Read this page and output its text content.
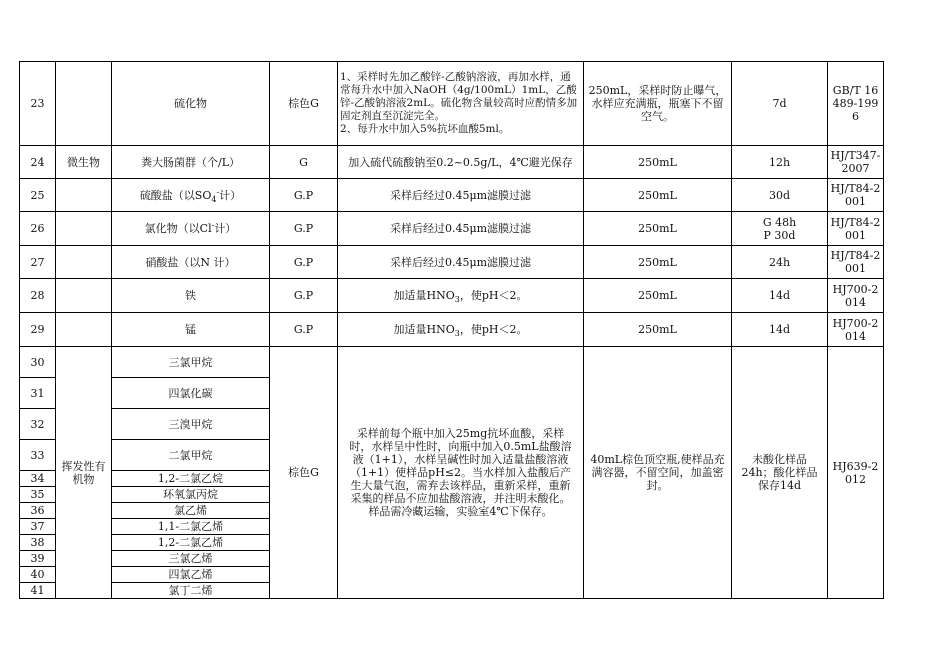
23		硫化物	棕色G	1、采样时先加乙酸锌-乙酸钠溶液，再加水样，通常每升水中加入NaOH（4g/100mL）1mL，乙酸锌-乙酸钠溶液2mL。硫化物含量较高时应酌情多加固定剂直至沉淀完全。
2、每升水中加入5%抗坏血酸5ml。	250mL，采样时防止曝气，水样应充满瓶，瓶塞下不留空气。	7d	GB/T 16489-1996
24	微生物	粪大肠菌群（个/L）	G	加入硫代硫酸钠至0.2~0.5g/L，4℃避光保存	250mL	12h	HJ/T347-2007
25		硫酸盐（以$SO_4^-$计）	G.P	采样后经过0.45μm滤膜过滤	250mL	30d	HJ/T84-2001
26		氯化物（以Cl-计）	G.P	采样后经过0.45μm滤膜过滤	250mL	G 48h
P 30d	HJ/T84-2001
27		硝酸盐（以N 计）	G.P	采样后经过0.45μm滤膜过滤	250mL	24h	HJ/T84-2001
28		铁	G.P	加适量$HNO_3$，使pH＜2。	250mL	14d	HJ700-2014
29		锰	G.P	加适量$HNO_3$，使pH＜2。	250mL	14d	HJ700-2014
30	挥发性有机物	三氯甲烷	棕色G	采样前每个瓶中加入25mg抗坏血酸，采样时，水样呈中性时，向瓶中加入0.5mL盐酸溶液（1+1），水样呈碱性时加入适量盐酸溶液（1+1）使样品pH≤2。当水样加入盐酸后产生大量气泡，需弃去该样品，重新采样，重新采集的样品不应加盐酸溶液，并注明未酸化。样品需冷藏运输，实验室4℃下保存。	40mL棕色顶空瓶,使样品充满容器，不留空间，加盖密封。	未酸化样品24h；酸化样品保存14d	HJ639-2012
31		四氯化碳					
32		三溴甲烷					
33		二氯甲烷					
34		1,2-二氯乙烷					
35		环氧氯丙烷					
36		氯乙烯					
37		1,1-二氯乙烯					
38		1,2-二氯乙烯					
39		三氯乙烯					
40		四氯乙烯					
41		氯丁二烯					
